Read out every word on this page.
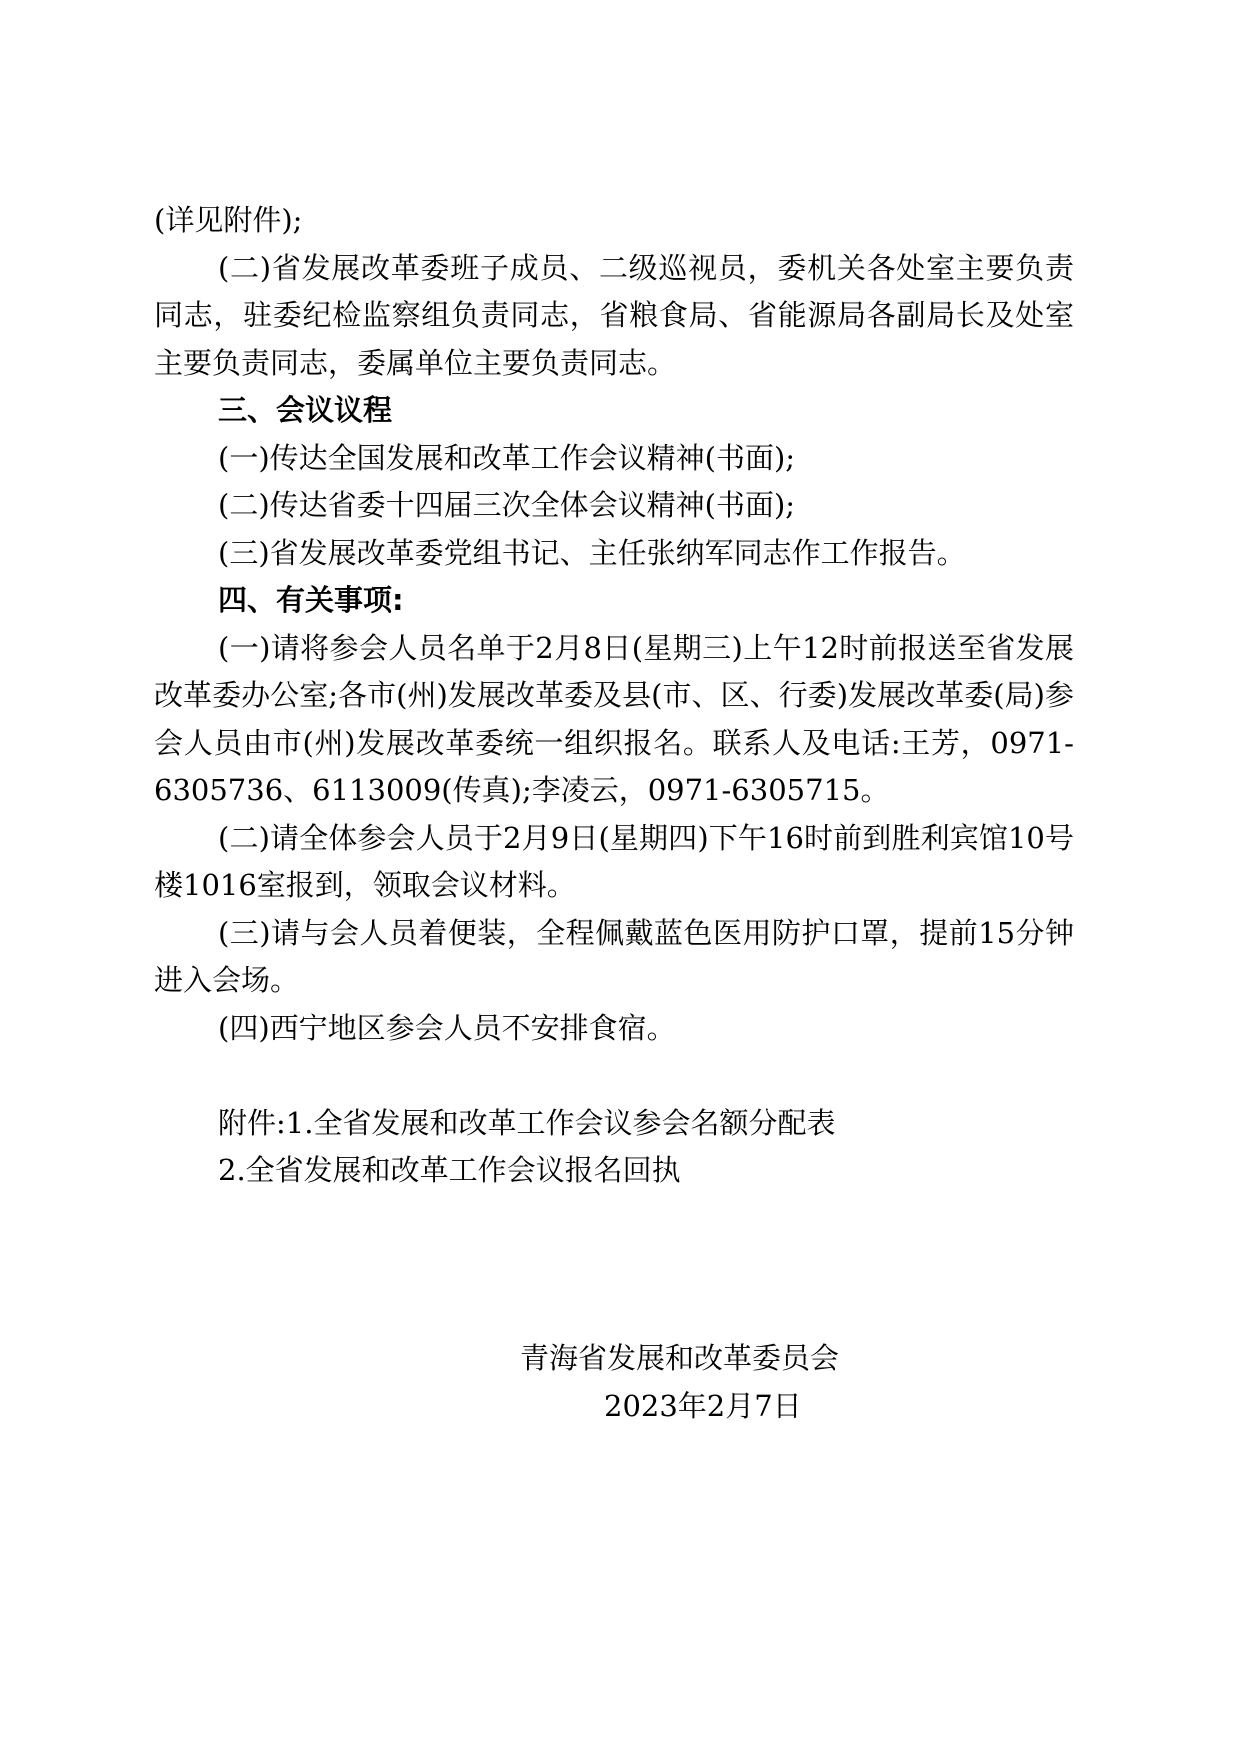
(详见附件);

(二)省发展改革委班子成员、二级巡视员，委机关各处室主要负责同志，驻委纪检监察组负责同志，省粮食局、省能源局各副局长及处室主要负责同志，委属单位主要负责同志。

三、会议议程

(一)传达全国发展和改革工作会议精神(书面);

(二)传达省委十四届三次全体会议精神(书面);

(三)省发展改革委党组书记、主任张纳军同志作工作报告。

四、有关事项:

(一)请将参会人员名单于2月8日(星期三)上午12时前报送至省发展改革委办公室;各市(州)发展改革委及县(市、区、行委)发展改革委(局)参会人员由市(州)发展改革委统一组织报名。联系人及电话:王芳，0971-6305736、6113009(传真);李凌云，0971-6305715。

(二)请全体参会人员于2月9日(星期四)下午16时前到胜利宾馆10号楼1016室报到，领取会议材料。

(三)请与会人员着便装，全程佩戴蓝色医用防护口罩，提前15分钟进入会场。

(四)西宁地区参会人员不安排食宿。

附件:1.全省发展和改革工作会议参会名额分配表

2.全省发展和改革工作会议报名回执

青海省发展和改革委员会

2023年2月7日
